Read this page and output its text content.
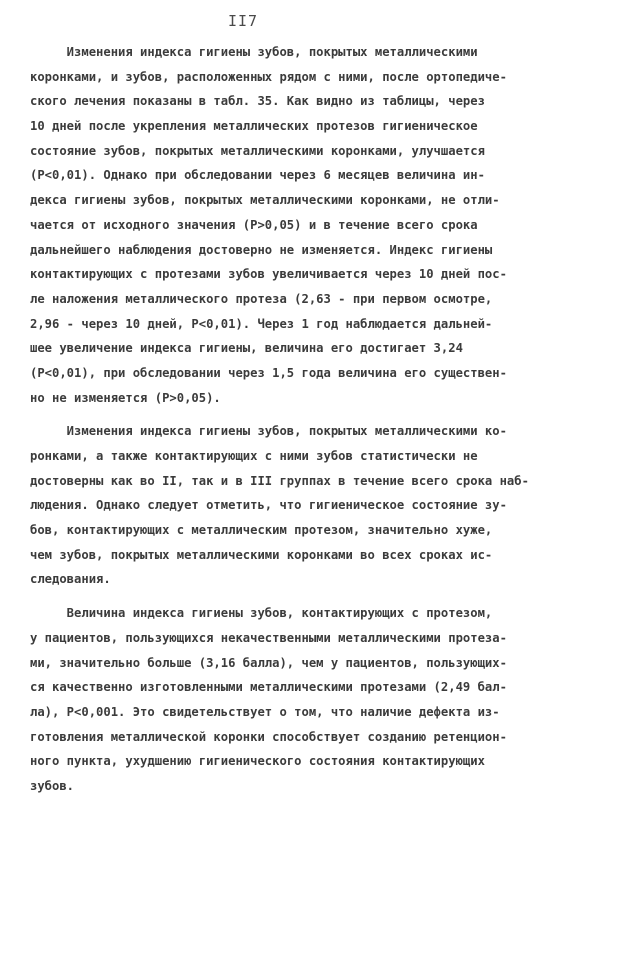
II7
Изменения индекса гигиены зубов, покрытых металлическими
коронками, и зубов, расположенных рядом с ними, после ортопедиче-
ского лечения показаны в табл. 35. Как видно из таблицы, через
10 дней после укрепления металлических протезов гигиеническое
состояние зубов, покрытых металлическими коронками, улучшается
(P<0,01). Однако при обследовании через 6 месяцев величина ин-
декса гигиены зубов, покрытых металлическими коронками, не отли-
чается от исходного значения (P>0,05) и в течение всего срока
дальнейшего наблюдения достоверно не изменяется. Индекс гигиены
контактирующих с протезами зубов увеличивается через 10 дней пос-
ле наложения металлического протеза (2,63 - при первом осмотре,
2,96 - через 10 дней, P<0,01). Через 1 год наблюдается дальней-
шее увеличение индекса гигиены, величина его достигает 3,24
(P<0,01), при обследовании через 1,5 года величина его существен-
но не изменяется (P>0,05).
Изменения индекса гигиены зубов, покрытых металлическими ко-
ронками, а также контактирующих с ними зубов статистически не
достоверны как во II, так и в III группах в течение всего срока наб-
людения. Однако следует отметить, что гигиеническое состояние зу-
бов, контактирующих с металлическим протезом, значительно хуже,
чем зубов, покрытых металлическими коронками во всех сроках ис-
следования.
Величина индекса гигиены зубов, контактирующих с протезом,
у пациентов, пользующихся некачественными металлическими протеза-
ми, значительно больше (3,16 балла), чем у пациентов, пользующих-
ся качественно изготовленными металлическими протезами (2,49 бал-
ла), P<0,001. Это свидетельствует о том, что наличие дефекта из-
готовления металлической коронки способствует созданию ретенцион-
ного пункта, ухудшению гигиенического состояния контактирующих
зубов.
